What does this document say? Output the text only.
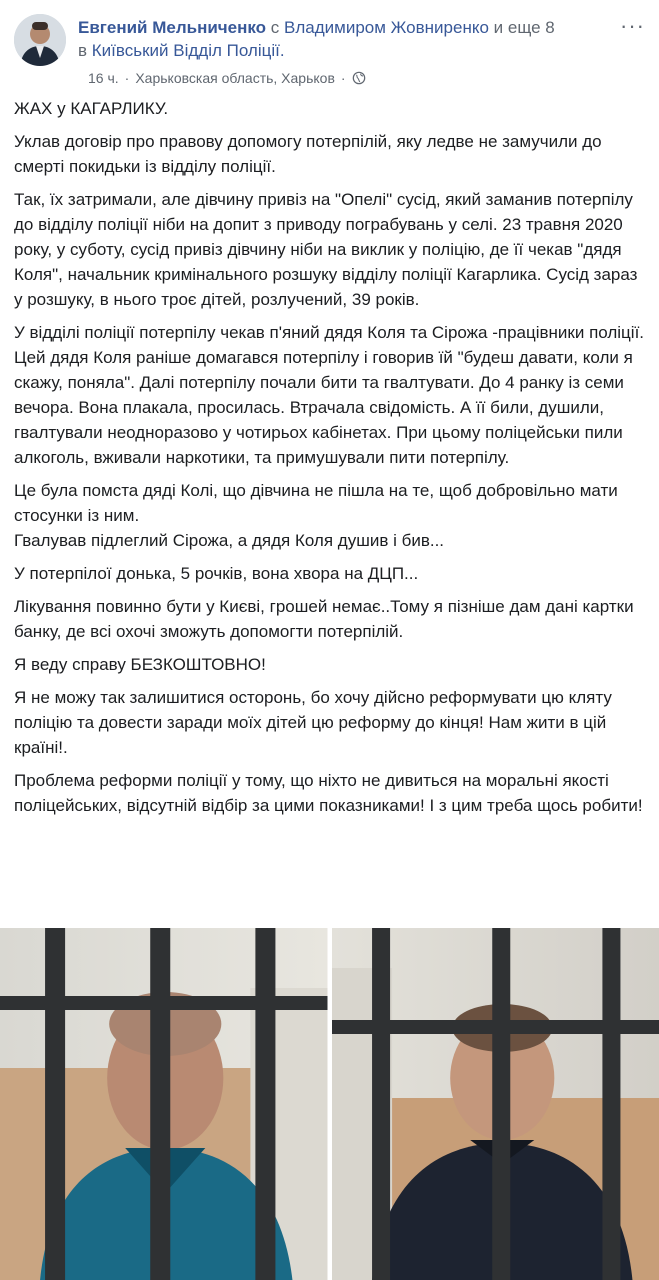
Евгений Мельниченко с Владимиром Жовниренко и еще 8
в Київський Відділ Поліції.
···
16 ч. · Харьковская область, Харьков ·

ЖАХ у КАГАРЛИКУ.

Уклав договір про правову допомогу потерпілій, яку ледве не замучили до смерті покидьки із відділу поліції.

Так, їх затримали, але дівчину привіз на "Опелі" сусід, який заманив потерпілу до відділу поліції ніби на допит з приводу пограбувань у селі. 23 травня 2020 року, у суботу, сусід привіз дівчину ніби на виклик у поліцію, де її чекав "дядя Коля", начальник кримінального розшуку відділу поліції Кагарлика. Сусід зараз у розшуку, в нього троє дітей, розлучений, 39 років.

У відділі поліції потерпілу чекав п'яний дядя Коля та Сірожа -працівники поліції. Цей дядя Коля раніше домагався потерпілу і говорив їй "будеш давати, коли я скажу, поняла". Далі потерпілу почали бити та гвалтувати. До 4 ранку із семи вечора. Вона плакала, просилась. Втрачала свідомість. А її били, душили, гвалтували неодноразово у чотирьох кабінетах. При цьому поліцейськи пили алкоголь, вживали наркотики, та примушували пити потерпілу.

Це була помста дяді Колі, що дівчина не пішла на те, щоб добровільно мати стосунки із ним.
Гвалував підлеглий Сірожа, а дядя Коля душив і бив...

У потерпілої донька, 5 рочків, вона хвора на ДЦП...

Лікування повинно бути у Києві, грошей немає..Тому я пізніше дам дані картки банку, де всі охочі зможуть допомогти потерпілій.

Я веду справу БЕЗКОШТОВНО!

Я не можу так залишитися осторонь, бо хочу дійсно реформувати цю кляту поліцію та довести заради моїх дітей цю реформу до кінця! Нам жити в цій країні!.

Проблема реформи поліції у тому, що ніхто не дивиться на моральні якості поліцейських, відсутній відбір за цими показниками! І з цим треба щось робити!
